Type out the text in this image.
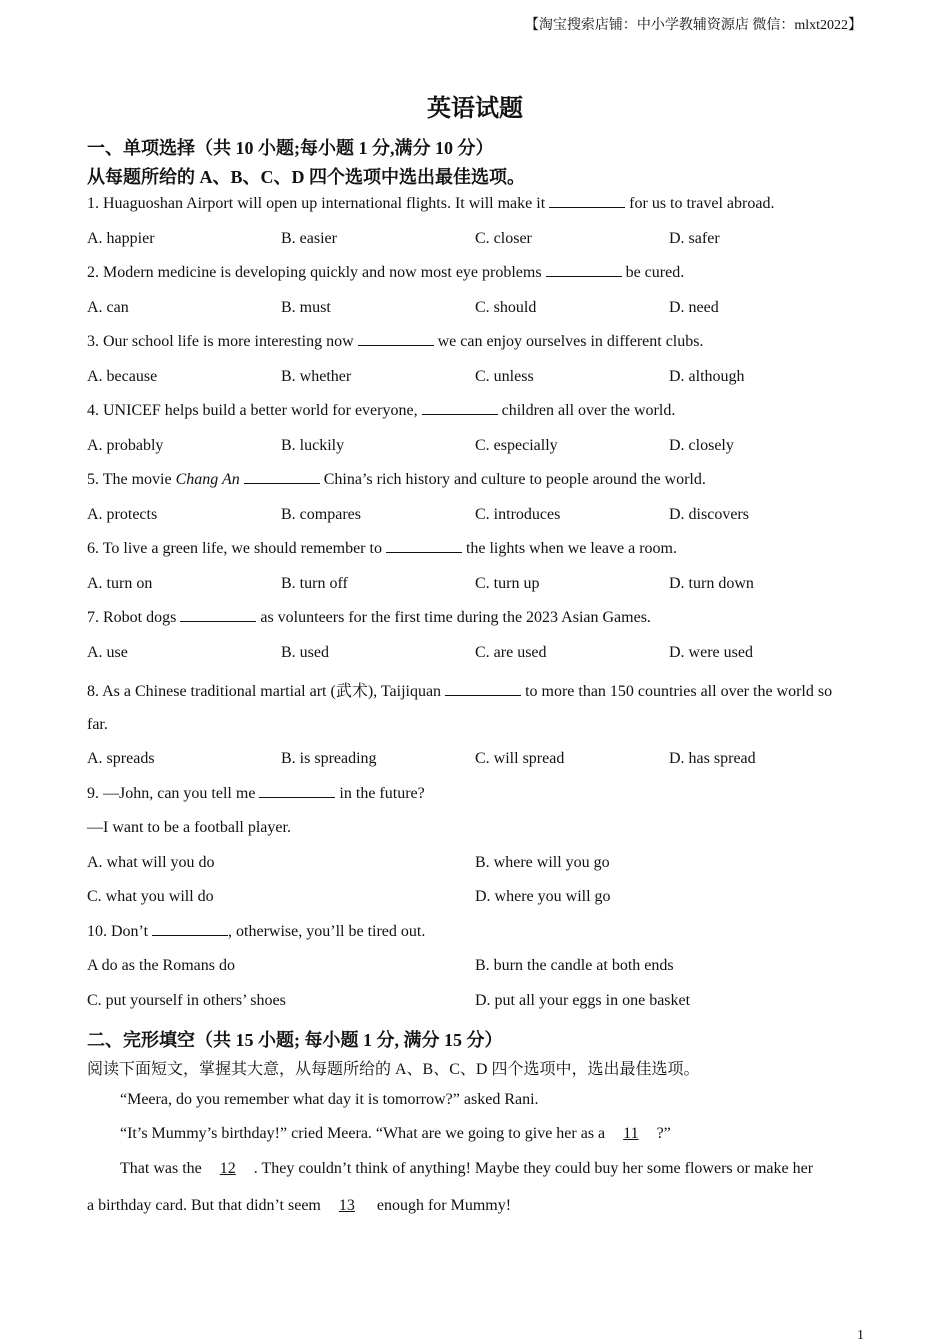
【淘宝搜索店铺：中小学教辅资源店 微信：mlxt2022】
英语试题
一、单项选择（共 10 小题;每小题 1 分,满分 10 分）
从每题所给的 A、B、C、D 四个选项中选出最佳选项。
1. Huaguoshan Airport will open up international flights. It will make it	for us to travel abroad.
A. happier	B. easier	C. closer	D. safer
2. Modern medicine is developing quickly and now most eye problems	be cured.
A. can	B. must	C. should	D. need
3. Our school life is more interesting now	we can enjoy ourselves in different clubs.
A. because	B. whether	C. unless	D. although
4. UNICEF helps build a better world for everyone,	children all over the world.
A. probably	B. luckily	C. especially	D. closely
5. The movie Chang An	China’s rich history and culture to people around the world.
A. protects	B. compares	C. introduces	D. discovers
6. To live a green life, we should remember to	the lights when we leave a room.
A. turn on	B. turn off	C. turn up	D. turn down
7. Robot dogs	as volunteers for the first time during the 2023 Asian Games.
A. use	B. used	C. are used	D. were used
8. As a Chinese traditional martial art (武术), Taijiquan	to more than 150 countries all over the world so
far.
A. spreads	B. is spreading	C. will spread	D. has spread
9. —John, can you tell me	in the future?
—I want to be a football player.
A. what will you do	B. where will you go
C. what you will do	D. where you will go
10. Don’t	, otherwise, you’ll be tired out.
A do as the Romans do	B. burn the candle at both ends
C. put yourself in others’ shoes	D. put all your eggs in one basket
二、完形填空（共 15 小题; 每小题 1 分, 满分 15 分）
阅读下面短文，掌握其大意，从每题所给的 A、B、C、D 四个选项中，选出最佳选项。
“Meera, do you remember what day it is tomorrow?” asked Rani.
“It’s Mummy’s birthday!” cried Meera. “What are we going to give her as a 11 ?”
That was the 12 . They couldn’t think of anything! Maybe they could buy her some flowers or make her
a birthday card. But that didn’t seem 13 enough for Mummy!
1
